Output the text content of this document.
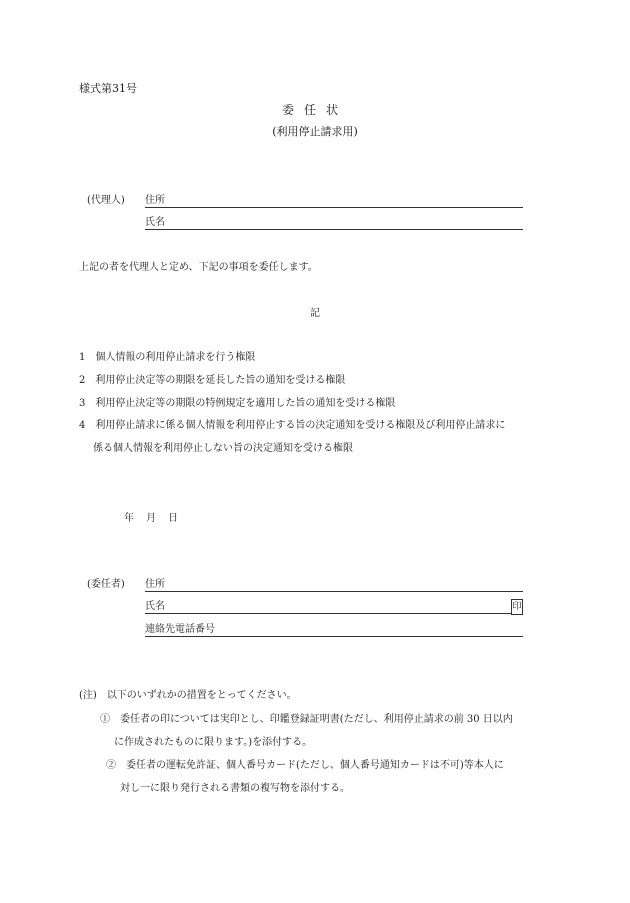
様式第31号
委任状
(利用停止請求用)
(代理人) 住所
氏名
上記の者を代理人と定め、下記の事項を委任します。
記
1　 個人情報の利用停止請求を行う権限
2　 利用停止決定等の期限を延長した旨の通知を受ける権限
3　 利用停止決定等の期限の特例規定を適用した旨の通知を受ける権限
4　 利用停止請求に係る個人情報を利用停止する旨の決定通知を受ける権限及び利用停止請求に
係る個人情報を利用停止しない旨の決定通知を受ける権限
年 月 日
(委任者) 住所
氏名	印
連絡先電話番号
(注)　 以下のいずれかの措置をとってください。
①　 委任者の印については実印とし、印鑑登録証明書(ただし、利用停止請求の前 30 日以内
に作成されたものに限ります。)を添付する。
②　 委任者の運転免許証、個人番号カード(ただし、個人番号通知カードは不可)等本人に
対し一に限り発行される書類の複写物を添付する。
